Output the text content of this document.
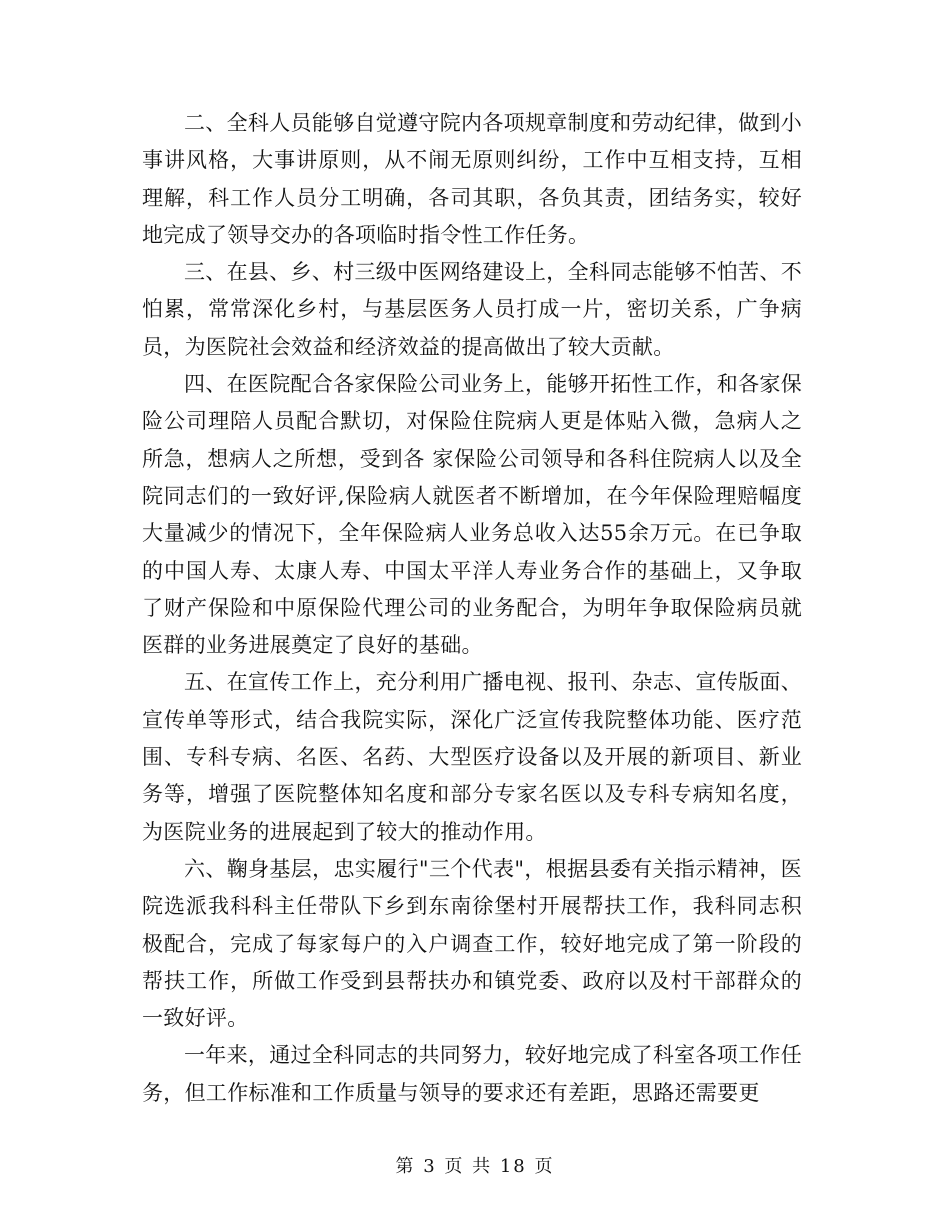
二、全科人员能够自觉遵守院内各项规章制度和劳动纪律，做到小事讲风格，大事讲原则，从不闹无原则纠纷，工作中互相支持，互相理解，科工作人员分工明确，各司其职，各负其责，团结务实，较好地完成了领导交办的各项临时指令性工作任务。

三、在县、乡、村三级中医网络建设上，全科同志能够不怕苦、不怕累，常常深化乡村，与基层医务人员打成一片，密切关系，广争病员，为医院社会效益和经济效益的提高做出了较大贡献。

四、在医院配合各家保险公司业务上，能够开拓性工作，和各家保险公司理陪人员配合默切，对保险住院病人更是体贴入微，急病人之所急，想病人之所想，受到各 家保险公司领导和各科住院病人以及全院同志们的一致好评,保险病人就医者不断增加，在今年保险理赔幅度大量减少的情况下，全年保险病人业务总收入达55余万元。在已争取的中国人寿、太康人寿、中国太平洋人寿业务合作的基础上，又争取了财产保险和中原保险代理公司的业务配合，为明年争取保险病员就医群的业务进展奠定了良好的基础。

五、在宣传工作上，充分利用广播电视、报刊、杂志、宣传版面、宣传单等形式，结合我院实际，深化广泛宣传我院整体功能、医疗范围、专科专病、名医、名药、大型医疗设备以及开展的新项目、新业务等，增强了医院整体知名度和部分专家名医以及专科专病知名度，为医院业务的进展起到了较大的推动作用。

六、鞠身基层，忠实履行"三个代表"，根据县委有关指示精神，医院选派我科科主任带队下乡到东南徐堡村开展帮扶工作，我科同志积极配合，完成了每家每户的入户调查工作，较好地完成了第一阶段的帮扶工作，所做工作受到县帮扶办和镇党委、政府以及村干部群众的一致好评。

一年来，通过全科同志的共同努力，较好地完成了科室各项工作任务，但工作标准和工作质量与领导的要求还有差距，思路还需要更

第 3 页 共 18 页
